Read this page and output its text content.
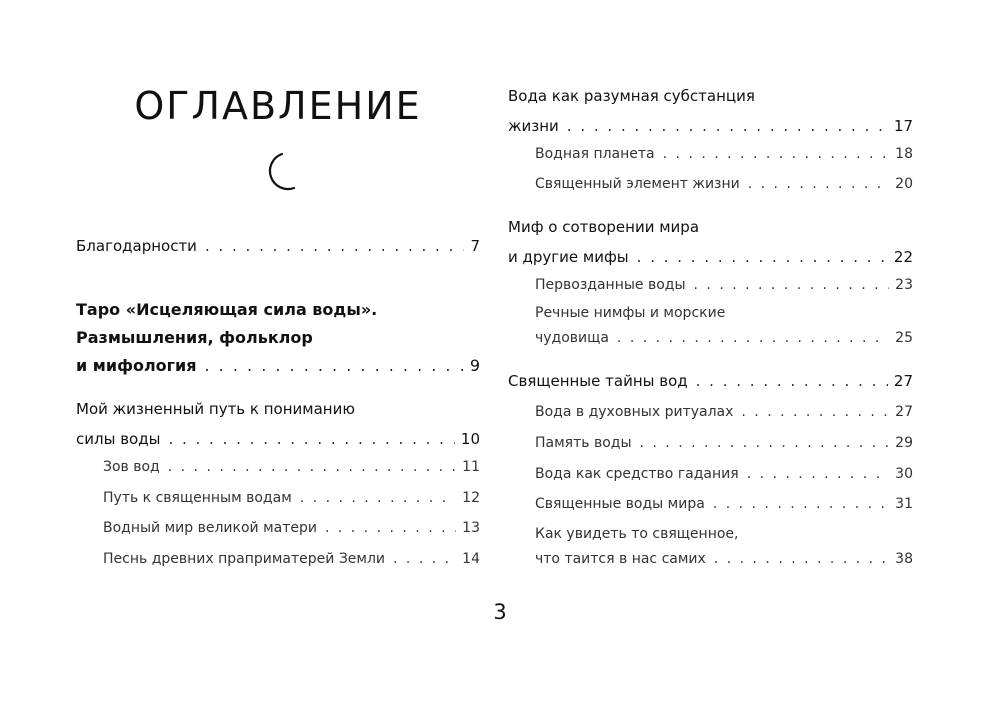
ОГЛАВЛЕНИЕ
Благодарности . . .	7
Таро «Исцеляющая сила воды».
Размышления, фольклор
и мифология . . .	9
Мой жизненный путь к пониманию
силы воды . . .	10
Зов вод . . .	11
Путь к священным водам . . .	12
Водный мир великой матери . . .	13
Песнь древних праприматерей Земли . . .	14
Вода как разумная субстанция
жизни . . .	17
Водная планета . . .	18
Священный элемент жизни . . .	20
Миф о сотворении мира
и другие мифы . . .	22
Первозданные воды . . .	23
Речные нимфы и морские
чудовища . . .	25
Священные тайны вод . . .	27
Вода в духовных ритуалах . . .	27
Память воды . . .	29
Вода как средство гадания . . .	30
Священные воды мира . . .	31
Как увидеть то священное,
что таится в нас самих . . .	38
3
